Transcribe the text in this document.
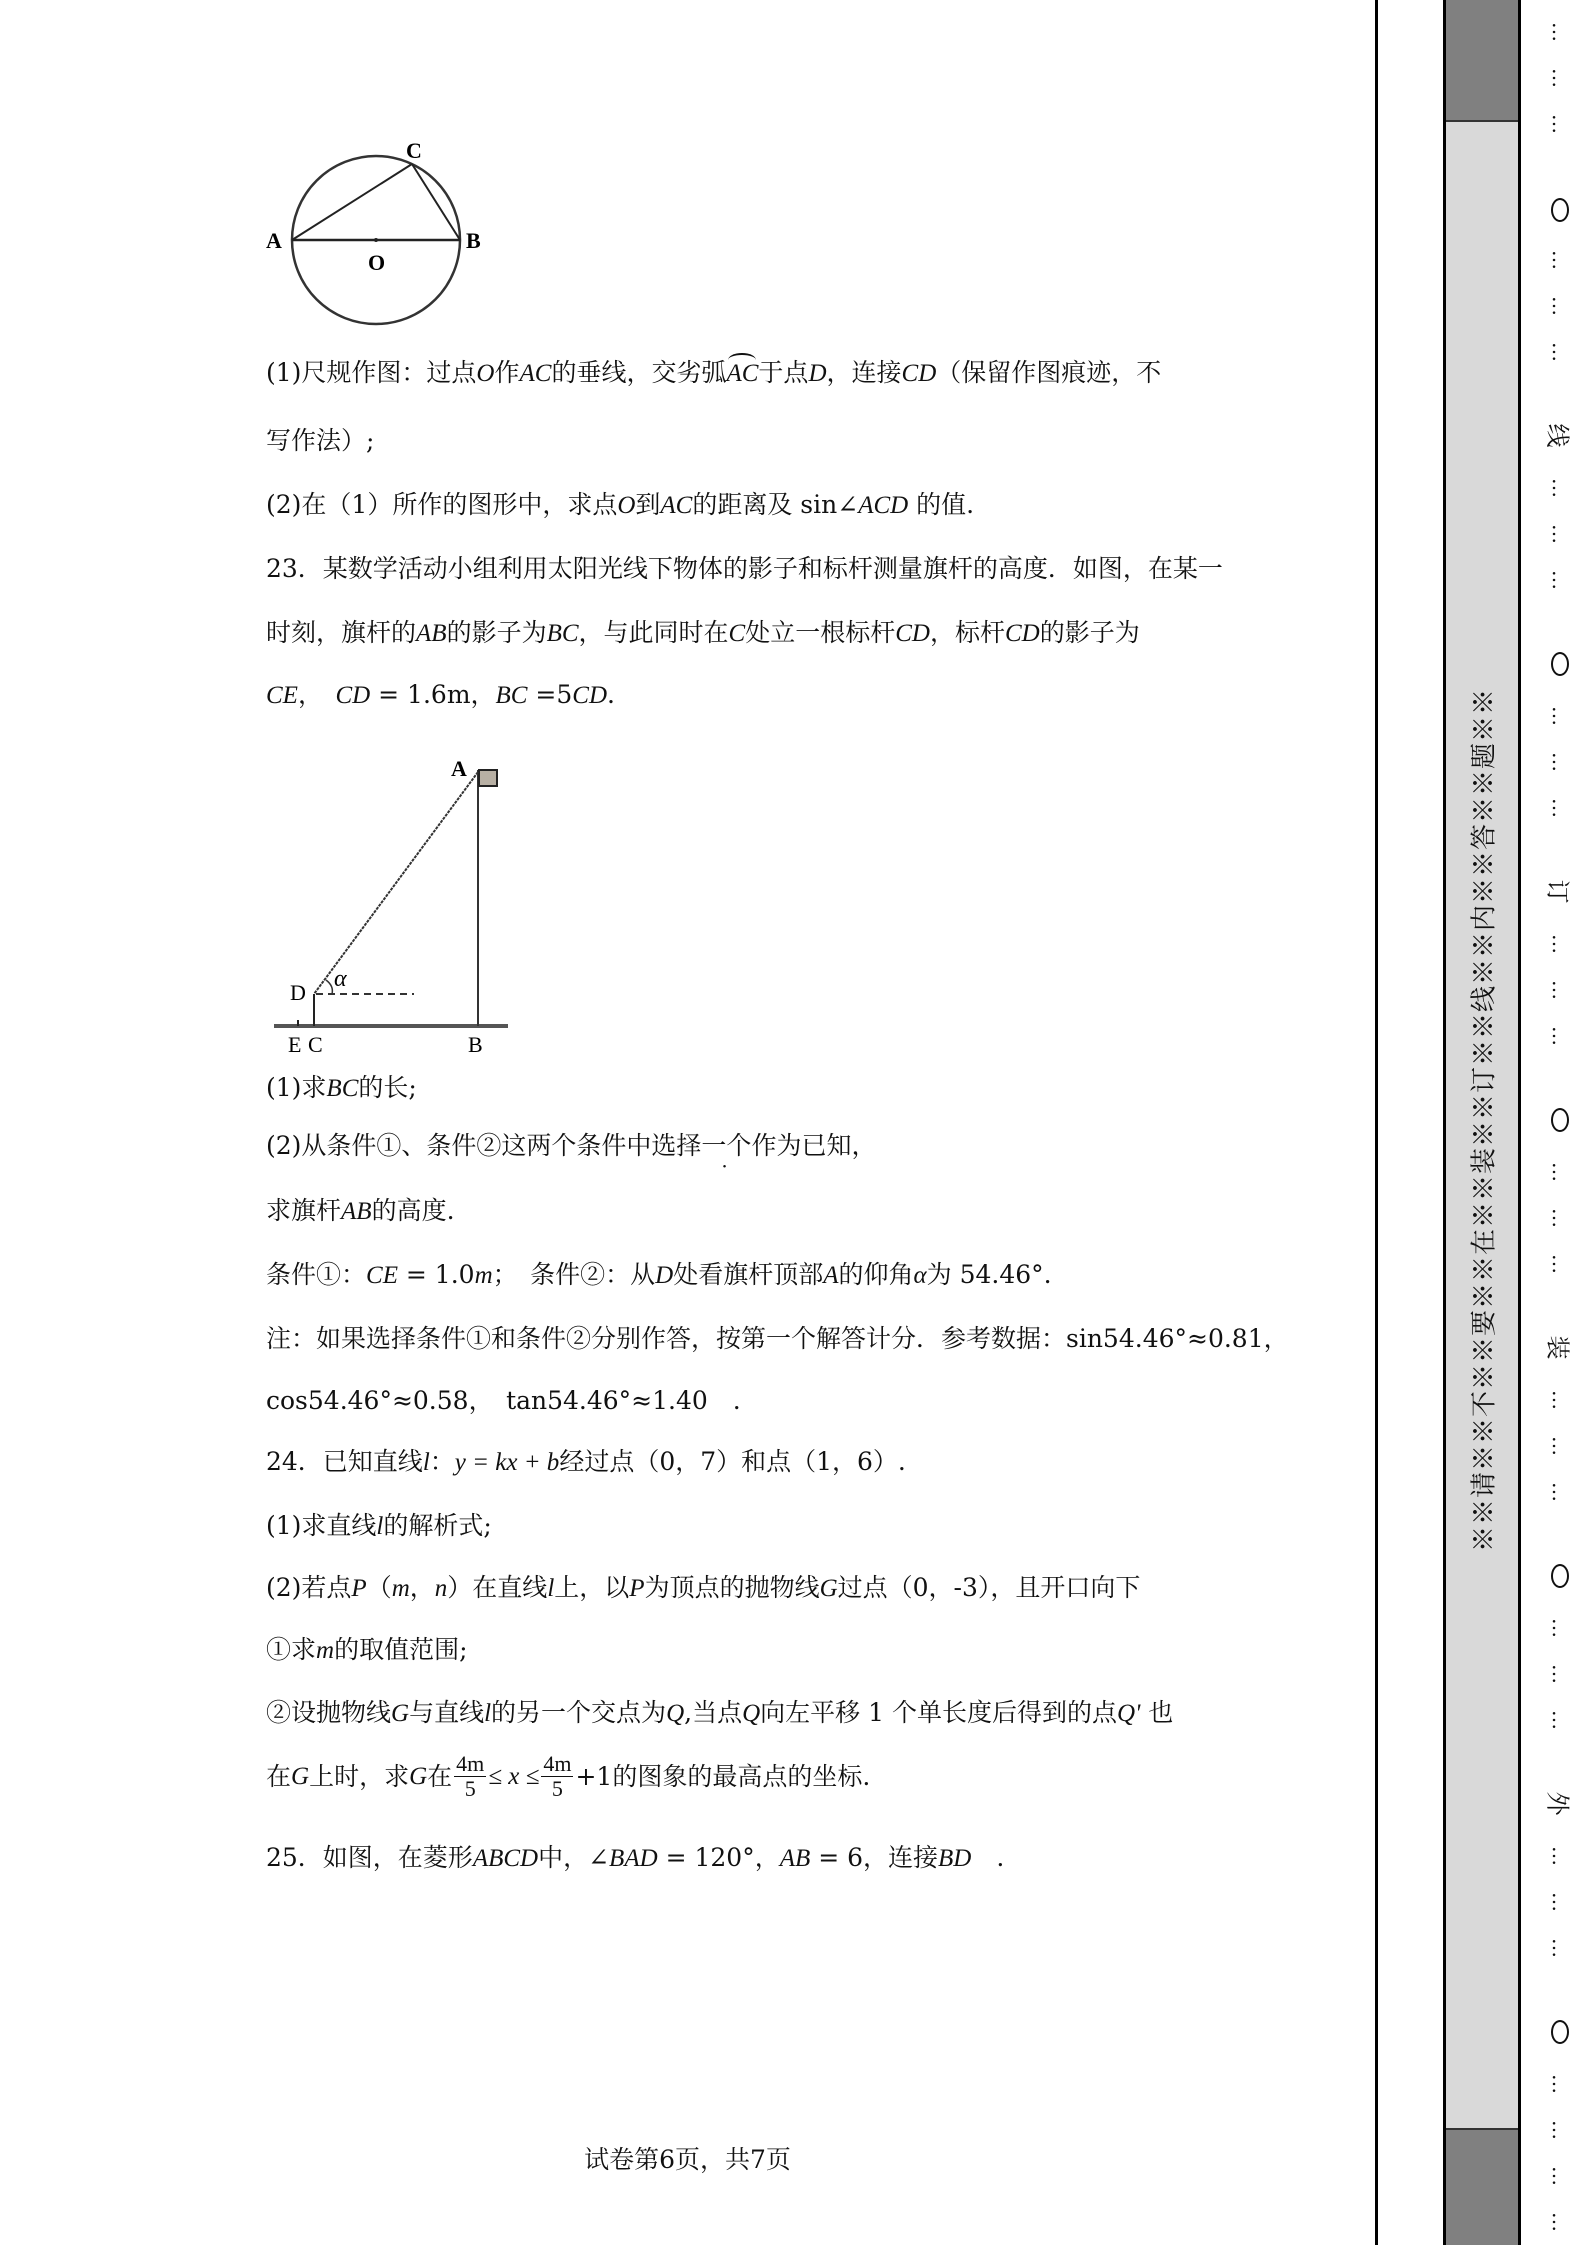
A	B
C
O
(1)尺规作图：过点O作AC的垂线，交劣弧AC于点D，连接CD（保留作图痕迹，不
写作法）;
(2)在（1）所作的图形中，求点O到AC的距离及 sin∠ACD 的值.
23．某数学活动小组利用太阳光线下物体的影子和标杆测量旗杆的高度．如图，在某一
时刻，旗杆的AB的影子为BC，与此同时在C处立一根标杆CD，标杆CD的影子为
CE，　 CD = 1.6m，BC =5CD.
A
B
C
E
D
α
(1)求BC的长;
(2)从条件①、条件②这两个条件中选择一个作为已知，
求旗杆AB的高度.
条件①：CE = 1.0m；　条件②：从D处看旗杆顶部A的仰角α为 54.46°.
注：如果选择条件①和条件②分别作答，按第一个解答计分．参考数据：sin54.46°≈0.81，
cos54.46°≈0.58，　tan54.46°≈1.40　.
24．已知直线l：y = kx + b经过点（0，7）和点（1，6）.
(1)求直线l的解析式;
(2)若点P（m，n）在直线l上，以P为顶点的抛物线G过点（0，-3），且开口向下
①求m的取值范围;
②设抛物线G与直线l的另一个交点为Q,当点Q向左平移 1 个单长度后得到的点Q' 也
在 G 上时，求 G 在 $\frac{4m}{5} \le x \le \frac{4m}{5} +1$的图象的最高点的坐标.
25．如图，在菱形ABCD中，∠BAD = 120°，AB = 6，连接BD　.
试卷第6页，共7页
※※请※※不※※要※※在※※装※※订※※线※※内※※答※※题※※
…
…
…
…
…
…
线
…
…
…
…
…
…
订
…
…
…
…
…
…
装
…
…
…
…
…
…
外
…
…
…
…
…
…
…
